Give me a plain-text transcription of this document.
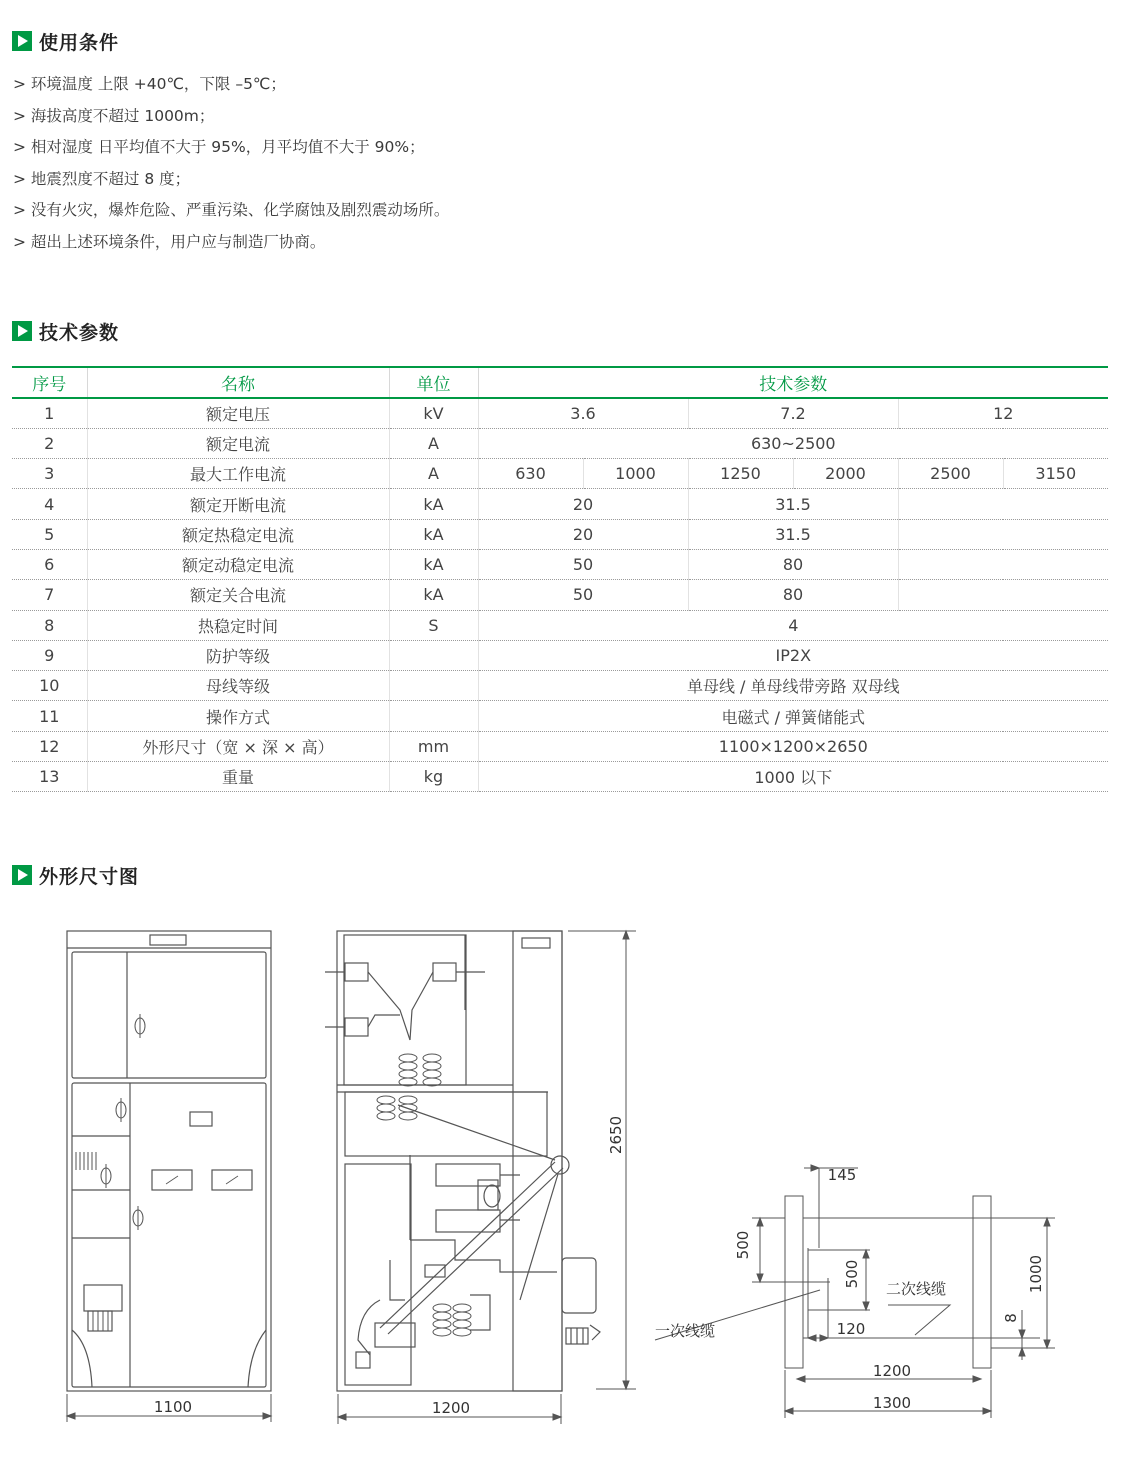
使用条件
> 环境温度 上限 +40℃，下限 –5℃；
> 海拔高度不超过 1000m；
> 相对湿度 日平均值不大于 95%，月平均值不大于 90%；
> 地震烈度不超过 8 度；
> 没有火灾，爆炸危险、严重污染、化学腐蚀及剧烈震动场所。
> 超出上述环境条件，用户应与制造厂协商。
技术参数
序号	名称	单位	技术参数					
1	额定电压	kV	3.6		7.2		12	
2	额定电流	A	630~2500					
3	最大工作电流	A	630	1000	1250	2000	2500	3150
4	额定开断电流	kA	20		31.5			
5	额定热稳定电流	kA	20		31.5			
6	额定动稳定电流	kA	50		80			
7	额定关合电流	kA	50		80			
8	热稳定时间	S	4					
9	防护等级		IP2X					
10	母线等级		单母线 / 单母线带旁路 双母线					
11	操作方式		电磁式 / 弹簧储能式					
12	外形尺寸（宽 × 深 × 高）	mm	1100×1200×2650					
13	重量	kg	1000 以下					
外形尺寸图
1100	1200
2650
145
500
500
120
1000
8
1200
1300
一次线缆
二次线缆
